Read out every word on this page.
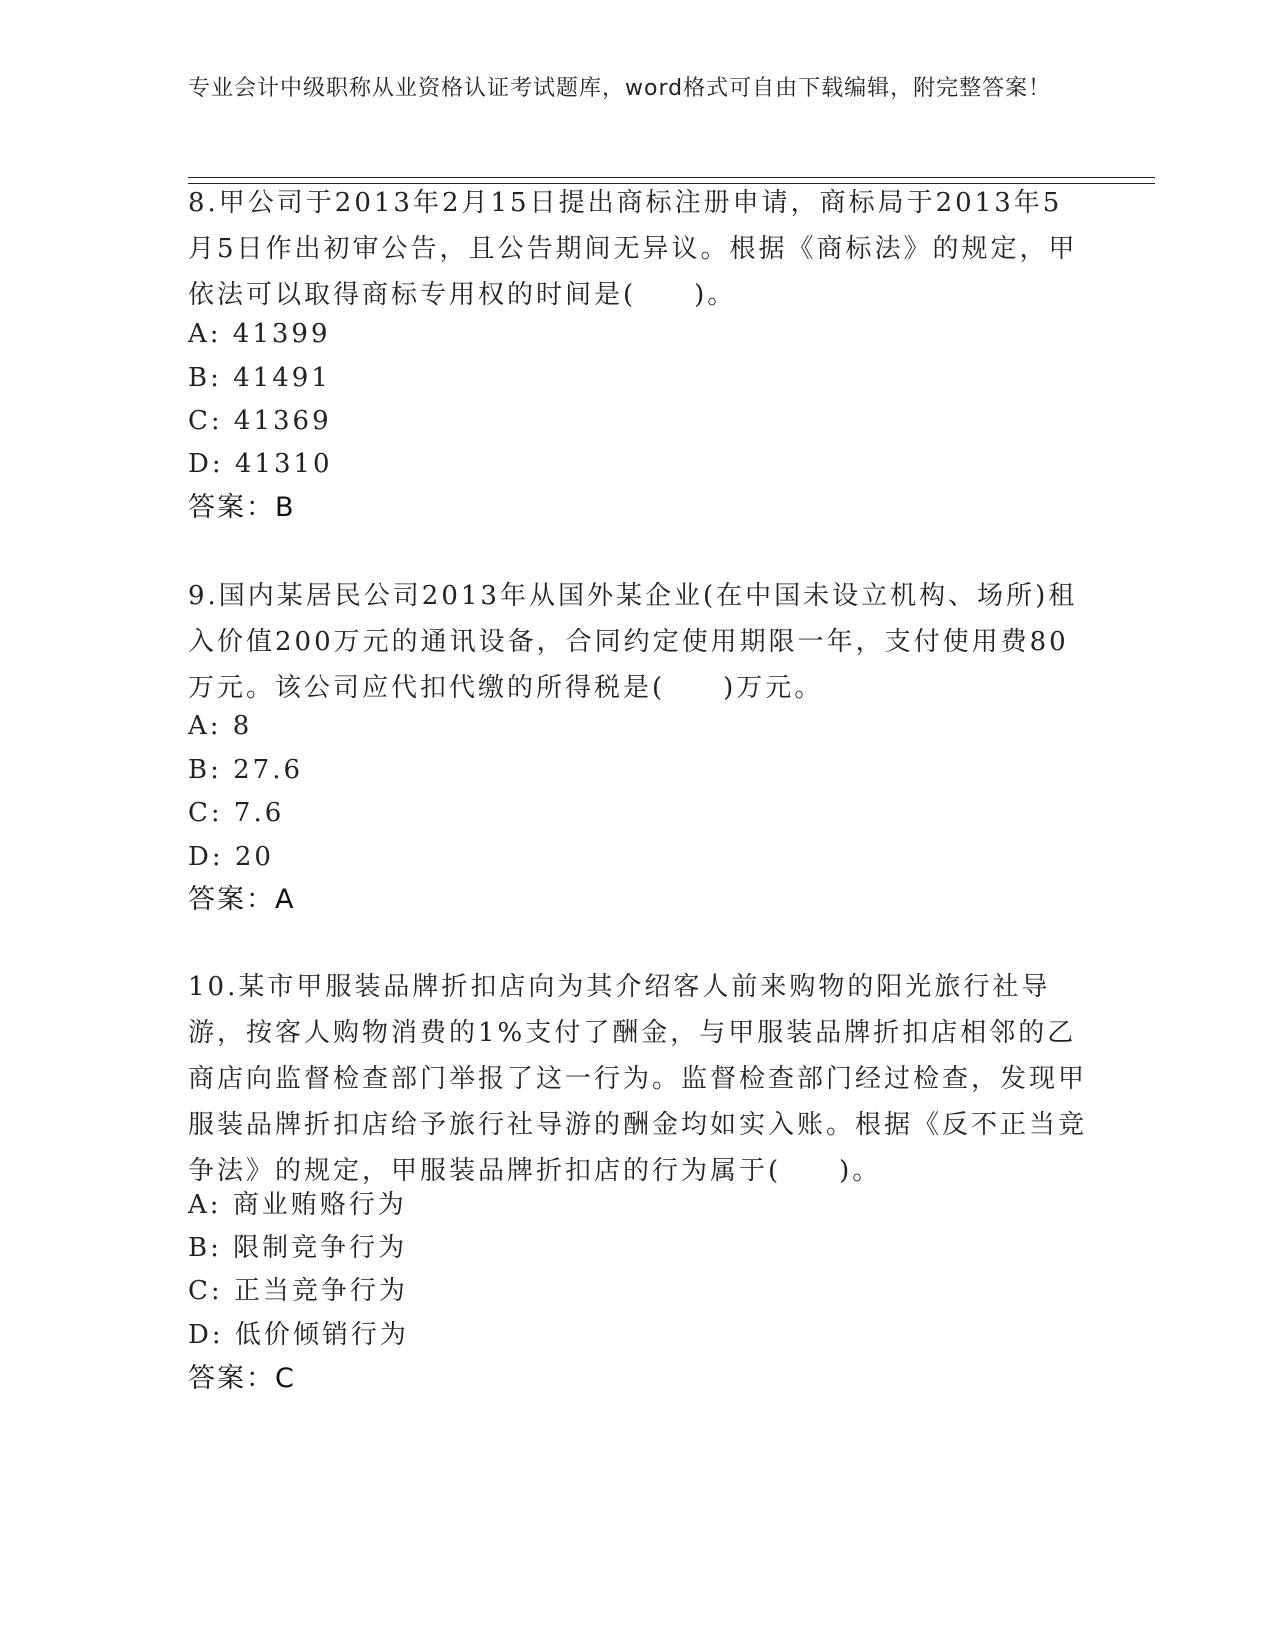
专业会计中级职称从业资格认证考试题库，word格式可自由下载编辑，附完整答案！
8.甲公司于2013年2月15日提出商标注册申请，商标局于2013年5月5日作出初审公告，且公告期间无异议。根据《商标法》的规定，甲依法可以取得商标专用权的时间是(　　)。
A: 41399
B: 41491
C: 41369
D: 41310
答案：B
9.国内某居民公司2013年从国外某企业(在中国未设立机构、场所)租入价值200万元的通讯设备，合同约定使用期限一年，支付使用费80万元。该公司应代扣代缴的所得税是(　　)万元。
A: 8
B: 27.6
C: 7.6
D: 20
答案：A
10.某市甲服装品牌折扣店向为其介绍客人前来购物的阳光旅行社导游，按客人购物消费的1%支付了酬金，与甲服装品牌折扣店相邻的乙商店向监督检查部门举报了这一行为。监督检查部门经过检查，发现甲服装品牌折扣店给予旅行社导游的酬金均如实入账。根据《反不正当竞争法》的规定，甲服装品牌折扣店的行为属于(　　)。
A: 商业贿赂行为
B: 限制竞争行为
C: 正当竞争行为
D: 低价倾销行为
答案：C
